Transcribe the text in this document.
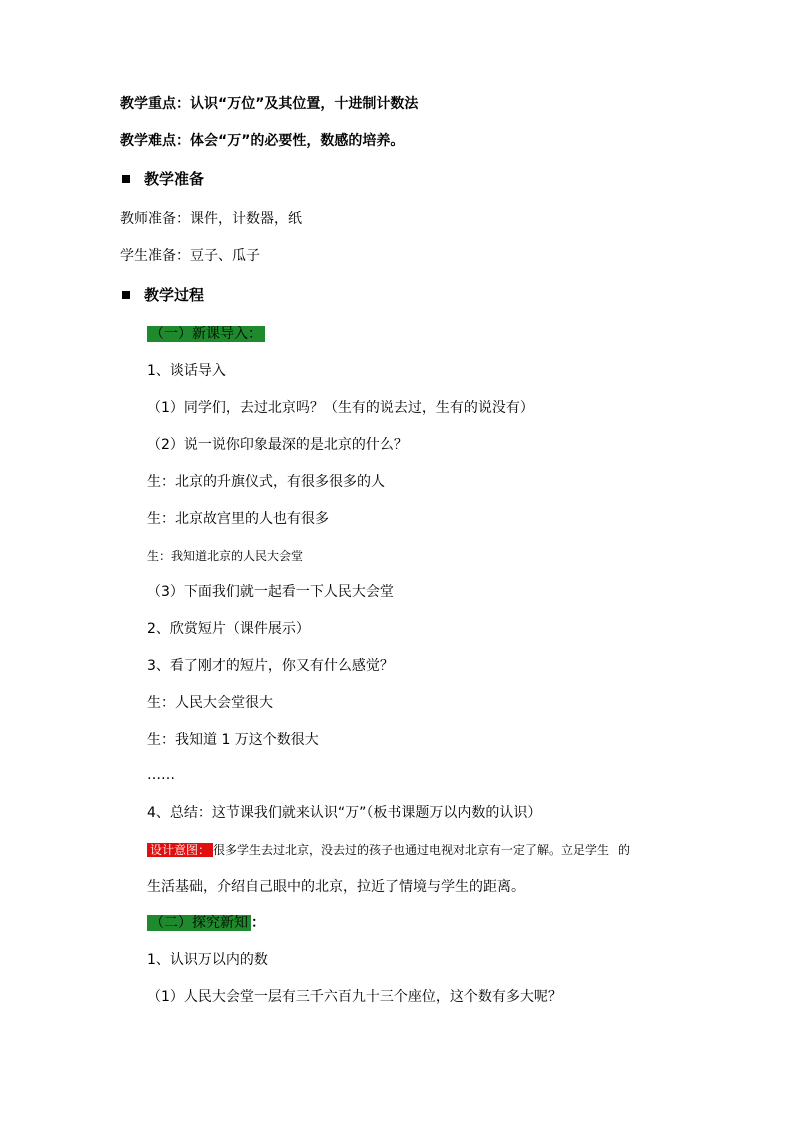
教学重点：认识“万位”及其位置，十进制计数法
教学难点：体会“万”的必要性，数感的培养。
教学准备
教师准备：课件，计数器，纸
学生准备：豆子、瓜子
教学过程
（一）新课导入：
1、谈话导入
（1）同学们，去过北京吗？（生有的说去过，生有的说没有）
（2）说一说你印象最深的是北京的什么？
生：北京的升旗仪式，有很多很多的人
生：北京故宫里的人也有很多
生：我知道北京的人民大会堂
（3）下面我们就一起看一下人民大会堂
2、欣赏短片（课件展示）
3、看了刚才的短片，你又有什么感觉？
生：人民大会堂很大
生：我知道 1 万这个数很大
……
4、总结：这节课我们就来认识“万”（板书课题万以内数的认识）
设计意图： 很多学生去过北京，没去过的孩子也通过电视对北京有一定了解。立足学生 的
生活基础，介绍自己眼中的北京，拉近了情境与学生的距离。
（二）探究新知 ：
1、认识万以内的数
（1）人民大会堂一层有三千六百九十三个座位，这个数有多大呢？
